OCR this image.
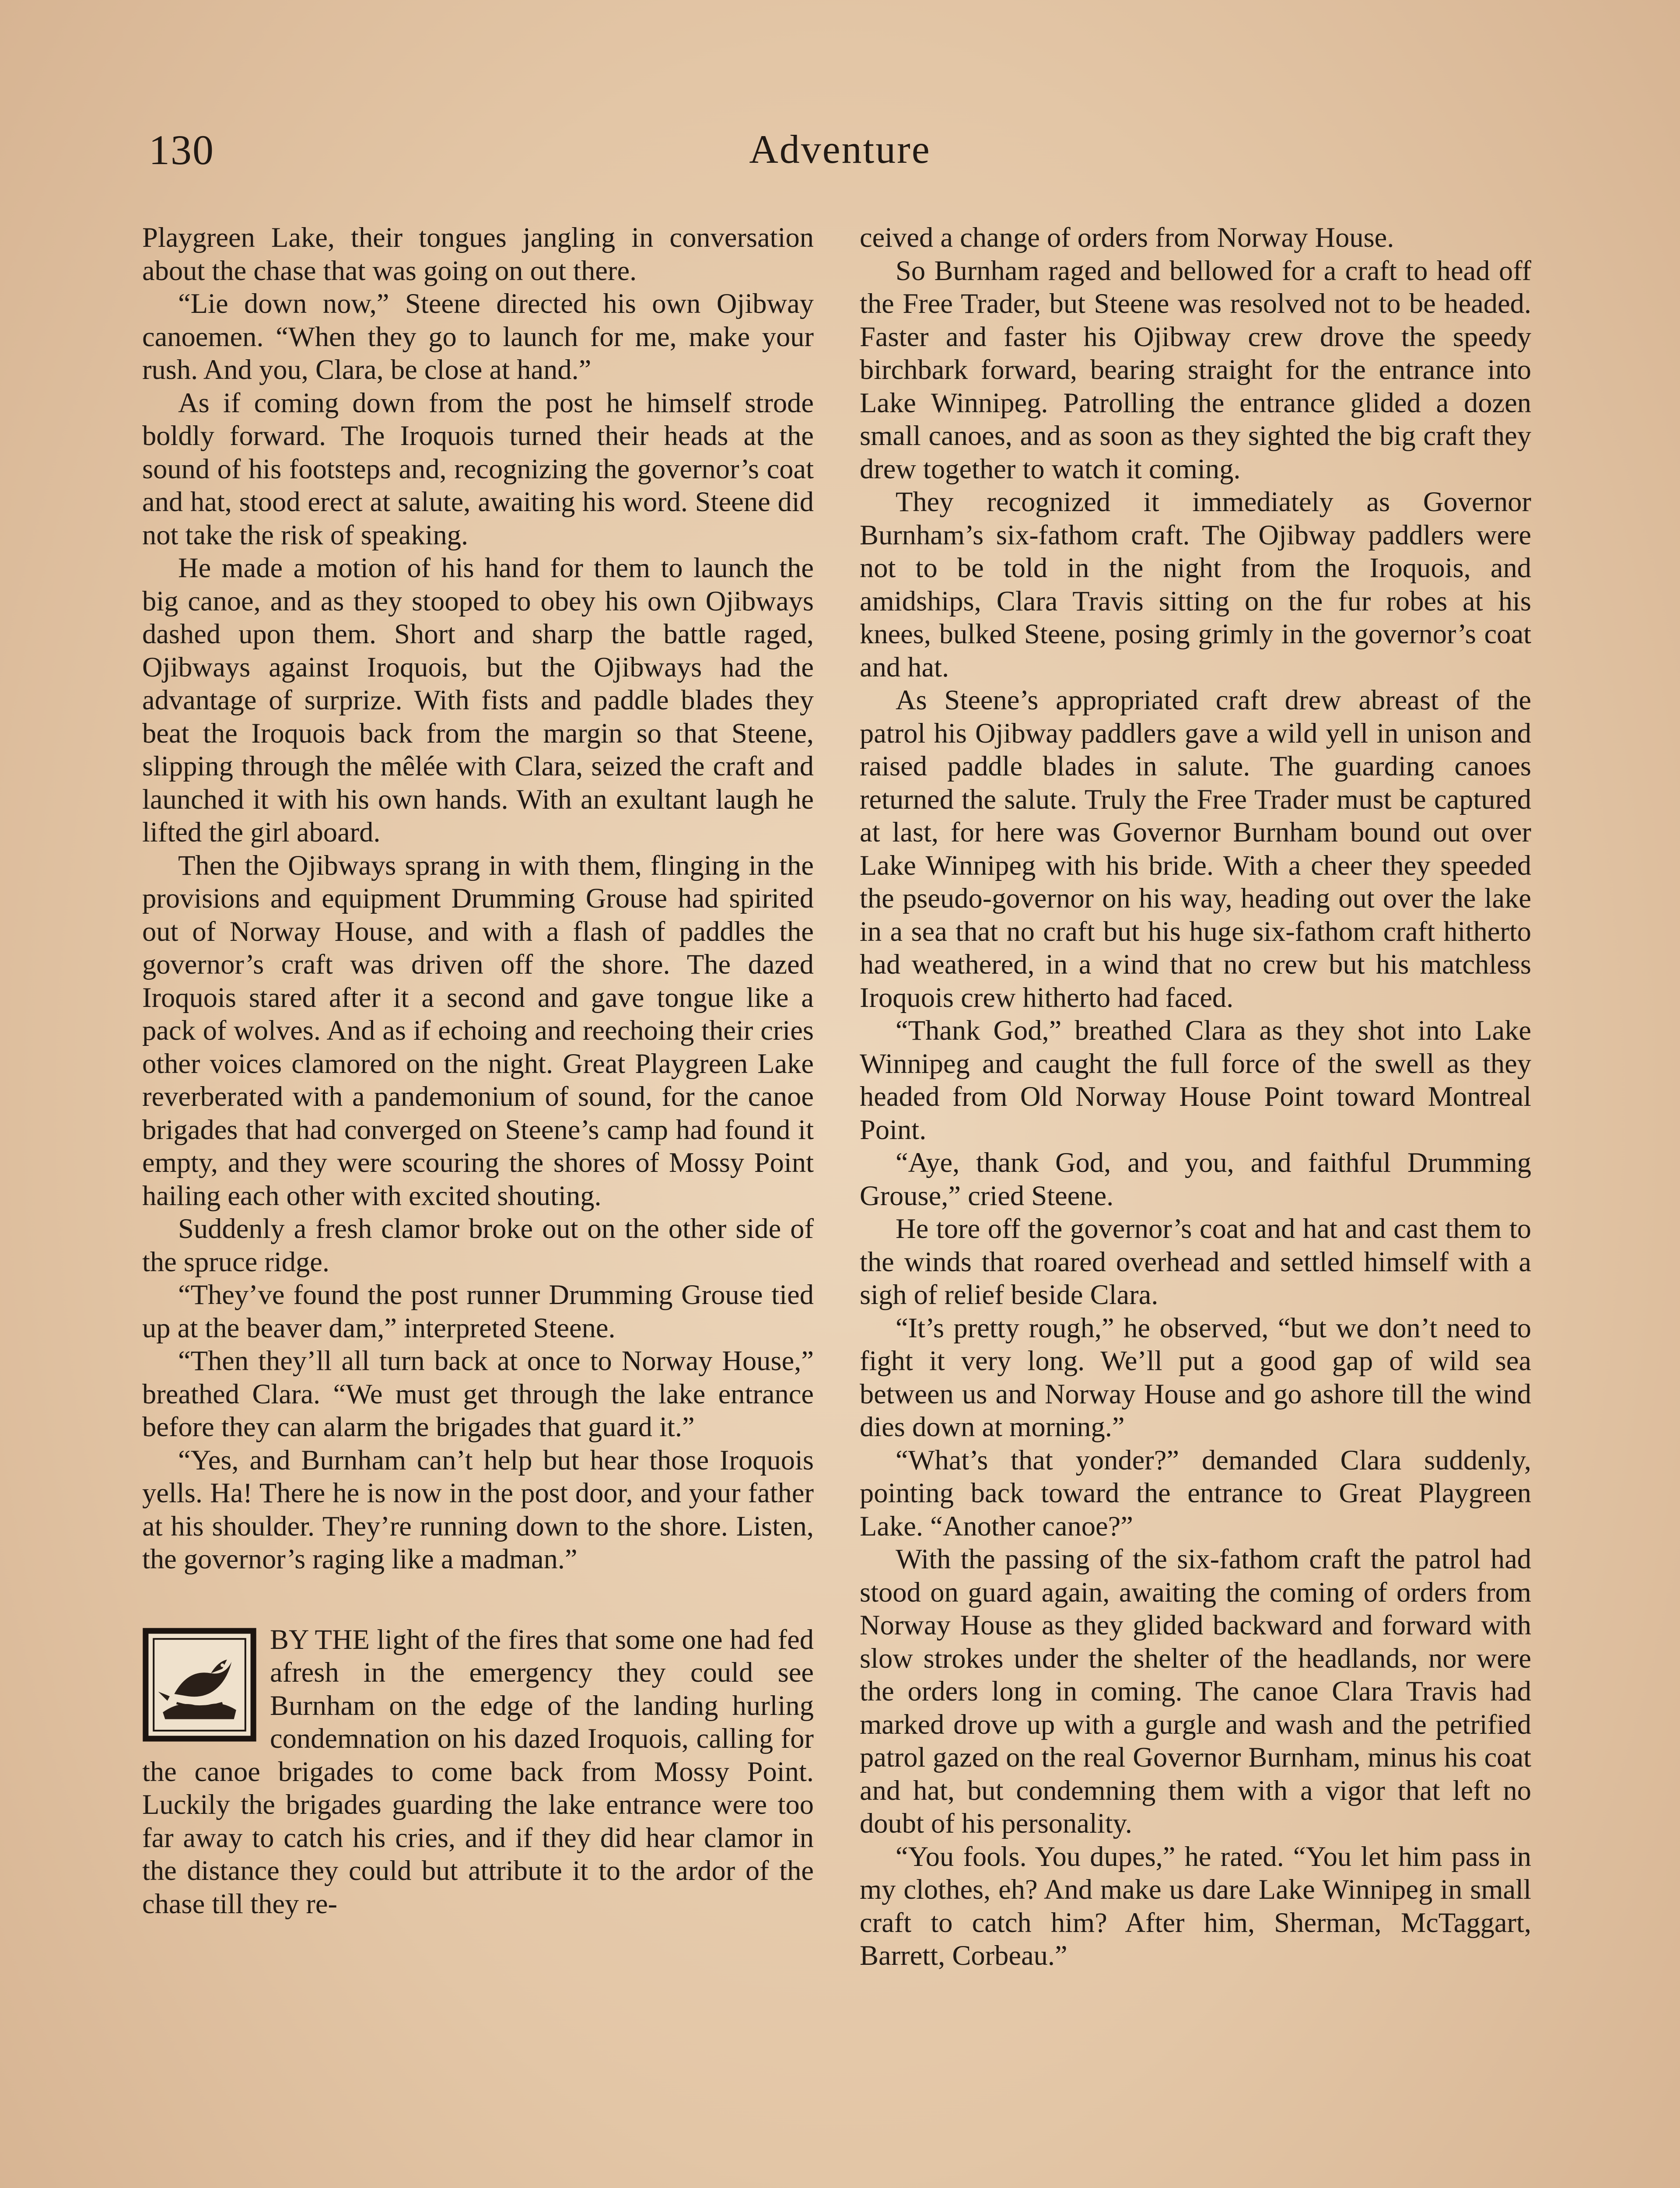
130	Adventure

Playgreen Lake, their tongues jangling in conversation about the chase that was going on out there.

“Lie down now,” Steene directed his own Ojibway canoemen. “When they go to launch for me, make your rush. And you, Clara, be close at hand.”

As if coming down from the post he himself strode boldly forward. The Iroquois turned their heads at the sound of his footsteps and, recognizing the governor’s coat and hat, stood erect at salute, awaiting his word. Steene did not take the risk of speaking.

He made a motion of his hand for them to launch the big canoe, and as they stooped to obey his own Ojibways dashed upon them. Short and sharp the battle raged, Ojibways against Iroquois, but the Ojibways had the advantage of surprize. With fists and paddle blades they beat the Iroquois back from the margin so that Steene, slipping through the mêlée with Clara, seized the craft and launched it with his own hands. With an exultant laugh he lifted the girl aboard.

Then the Ojibways sprang in with them, flinging in the provisions and equipment Drumming Grouse had spirited out of Norway House, and with a flash of paddles the governor’s craft was driven off the shore. The dazed Iroquois stared after it a second and gave tongue like a pack of wolves. And as if echoing and reechoing their cries other voices clamored on the night. Great Playgreen Lake reverberated with a pandemonium of sound, for the canoe brigades that had converged on Steene’s camp had found it empty, and they were scouring the shores of Mossy Point hailing each other with excited shouting.

Suddenly a fresh clamor broke out on the other side of the spruce ridge.

“They’ve found the post runner Drumming Grouse tied up at the beaver dam,” interpreted Steene.

“Then they’ll all turn back at once to Norway House,” breathed Clara. “We must get through the lake entrance before they can alarm the brigades that guard it.”

“Yes, and Burnham can’t help but hear those Iroquois yells. Ha! There he is now in the post door, and your father at his shoulder. They’re running down to the shore. Listen, the governor’s raging like a madman.”

BY THE light of the fires that some one had fed afresh in the emergency they could see Burnham on the edge of the landing hurling condemnation on his dazed Iroquois, calling for the canoe brigades to come back from Mossy Point. Luckily the brigades guarding the lake entrance were too far away to catch his cries, and if they did hear clamor in the distance they could but attribute it to the ardor of the chase till they re-

ceived a change of orders from Norway House.

So Burnham raged and bellowed for a craft to head off the Free Trader, but Steene was resolved not to be headed. Faster and faster his Ojibway crew drove the speedy birchbark forward, bearing straight for the entrance into Lake Winnipeg. Patrolling the entrance glided a dozen small canoes, and as soon as they sighted the big craft they drew together to watch it coming.

They recognized it immediately as Governor Burnham’s six-fathom craft. The Ojibway paddlers were not to be told in the night from the Iroquois, and amidships, Clara Travis sitting on the fur robes at his knees, bulked Steene, posing grimly in the governor’s coat and hat.

As Steene’s appropriated craft drew abreast of the patrol his Ojibway paddlers gave a wild yell in unison and raised paddle blades in salute. The guarding canoes returned the salute. Truly the Free Trader must be captured at last, for here was Governor Burnham bound out over Lake Winnipeg with his bride. With a cheer they speeded the pseudo-governor on his way, heading out over the lake in a sea that no craft but his huge six-fathom craft hitherto had weathered, in a wind that no crew but his matchless Iroquois crew hitherto had faced.

“Thank God,” breathed Clara as they shot into Lake Winnipeg and caught the full force of the swell as they headed from Old Norway House Point toward Montreal Point.

“Aye, thank God, and you, and faithful Drumming Grouse,” cried Steene.

He tore off the governor’s coat and hat and cast them to the winds that roared overhead and settled himself with a sigh of relief beside Clara.

“It’s pretty rough,” he observed, “but we don’t need to fight it very long. We’ll put a good gap of wild sea between us and Norway House and go ashore till the wind dies down at morning.”

“What’s that yonder?” demanded Clara suddenly, pointing back toward the entrance to Great Playgreen Lake. “Another canoe?”

With the passing of the six-fathom craft the patrol had stood on guard again, awaiting the coming of orders from Norway House as they glided backward and forward with slow strokes under the shelter of the headlands, nor were the orders long in coming. The canoe Clara Travis had marked drove up with a gurgle and wash and the petrified patrol gazed on the real Governor Burnham, minus his coat and hat, but condemning them with a vigor that left no doubt of his personality.

“You fools. You dupes,” he rated. “You let him pass in my clothes, eh? And make us dare Lake Winnipeg in small craft to catch him? After him, Sherman, McTaggart, Barrett, Corbeau.”
